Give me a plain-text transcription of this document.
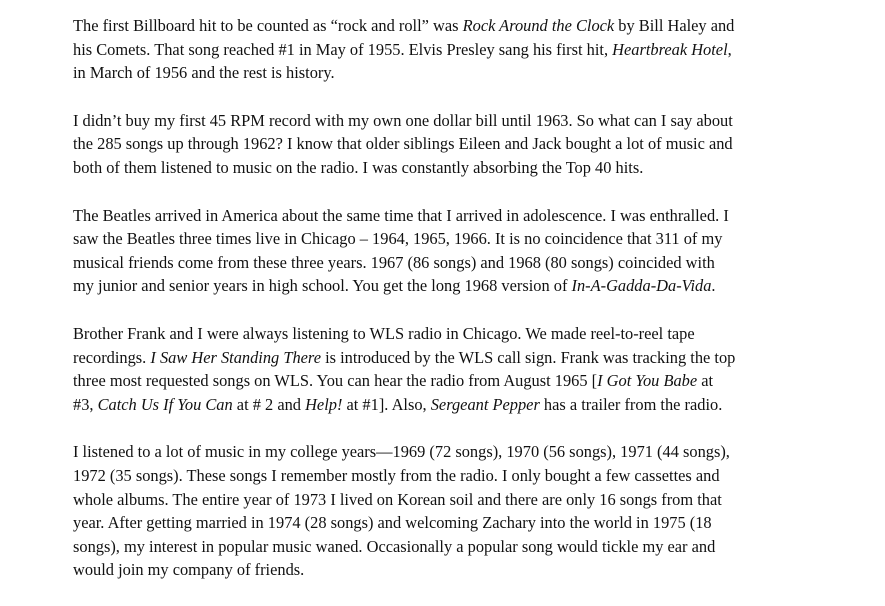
The first Billboard hit to be counted as “rock and roll” was Rock Around the Clock by Bill Haley and
his Comets. That song reached #1 in May of 1955. Elvis Presley sang his first hit, Heartbreak Hotel,
in March of 1956 and the rest is history.

I didn’t buy my first 45 RPM record with my own one dollar bill until 1963. So what can I say about
the 285 songs up through 1962? I know that older siblings Eileen and Jack bought a lot of music and
both of them listened to music on the radio. I was constantly absorbing the Top 40 hits.

The Beatles arrived in America about the same time that I arrived in adolescence. I was enthralled. I
saw the Beatles three times live in Chicago – 1964, 1965, 1966. It is no coincidence that 311 of my
musical friends come from these three years. 1967 (86 songs) and 1968 (80 songs) coincided with
my junior and senior years in high school. You get the long 1968 version of In-A-Gadda-Da-Vida.

Brother Frank and I were always listening to WLS radio in Chicago. We made reel-to-reel tape
recordings. I Saw Her Standing There is introduced by the WLS call sign. Frank was tracking the top
three most requested songs on WLS. You can hear the radio from August 1965 [I Got You Babe at
#3, Catch Us If You Can at # 2 and Help! at #1]. Also, Sergeant Pepper has a trailer from the radio.

I listened to a lot of music in my college years—1969 (72 songs), 1970 (56 songs), 1971 (44 songs),
1972 (35 songs). These songs I remember mostly from the radio. I only bought a few cassettes and
whole albums. The entire year of 1973 I lived on Korean soil and there are only 16 songs from that
year. After getting married in 1974 (28 songs) and welcoming Zachary into the world in 1975 (18
songs), my interest in popular music waned. Occasionally a popular song would tickle my ear and
would join my company of friends.
